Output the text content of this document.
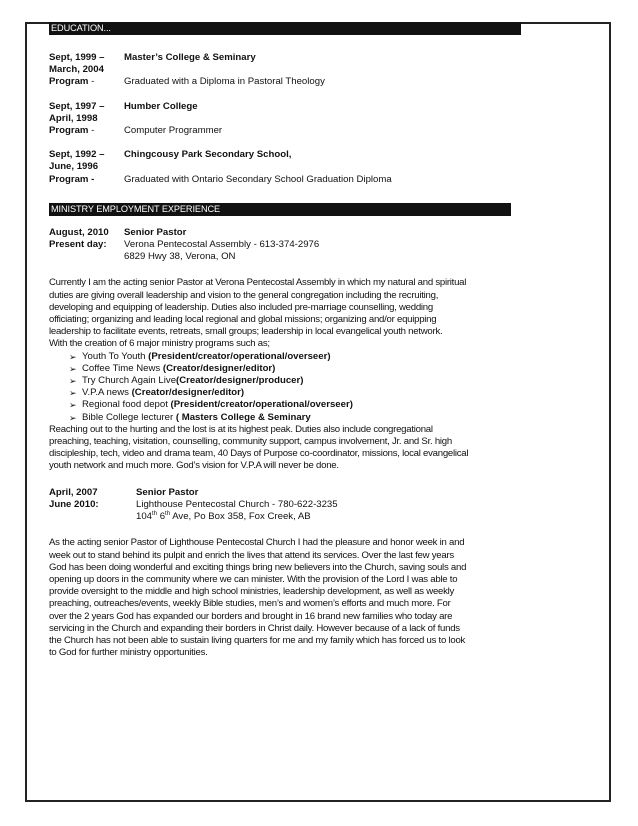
EDUCATION...
Sept, 1999 –	Master’s College & Seminary
March, 2004
Program -	Graduated with a Diploma in Pastoral Theology
Sept, 1997 –	Humber College
April, 1998
Program -	Computer Programmer
Sept, 1992 –	Chingcousy Park Secondary School,
June, 1996
Program -	Graduated with Ontario Secondary School Graduation Diploma
MINISTRY EMPLOYMENT EXPERIENCE
August, 2010	Senior Pastor
Present day:	Verona Pentecostal Assembly - 613-374-2976
6829 Hwy 38, Verona, ON
Currently I am the acting senior Pastor at Verona Pentecostal Assembly in which my natural and spiritual
duties are giving overall leadership and vision to the general congregation including the recruiting,
developing and equipping of leadership. Duties also included pre-marriage counselling, wedding
officiating; organizing and leading local regional and global missions; organizing and/or equipping
leadership to facilitate events, retreats, small groups; leadership in local evangelical youth network.
With the creation of 6 major ministry programs such as;
➢ Youth To Youth (President/creator/operational/overseer)
➢ Coffee Time News (Creator/designer/editor)
➢ Try Church Again Live(Creator/designer/producer)
➢ V.P.A news (Creator/designer/editor)
➢ Regional food depot (President/creator/operational/overseer)
➢ Bible College lecturer ( Masters College & Seminary
Reaching out to the hurting and the lost is at its highest peak. Duties also include congregational
preaching, teaching, visitation, counselling, community support, campus involvement, Jr. and Sr. high
discipleship, tech, video and drama team, 40 Days of Purpose co-coordinator, missions, local evangelical
youth network and much more. God’s vision for V.P.A will never be done.
April, 2007	Senior Pastor
June 2010:	Lighthouse Pentecostal Church - 780-622-3235
104th 6th Ave, Po Box 358, Fox Creek, AB
As the acting senior Pastor of Lighthouse Pentecostal Church I had the pleasure and honor week in and
week out to stand behind its pulpit and enrich the lives that attend its services. Over the last few years
God has been doing wonderful and exciting things bring new believers into the Church, saving souls and
opening up doors in the community where we can minister. With the provision of the Lord I was able to
provide oversight to the middle and high school ministries, leadership development, as well as weekly
preaching, outreaches/events, weekly Bible studies, men’s and women’s efforts and much more. For
over the 2 years God has expanded our borders and brought in 16 brand new families who today are
servicing in the Church and expanding their borders in Christ daily. However because of a lack of funds
the Church has not been able to sustain living quarters for me and my family which has forced us to look
to God for further ministry opportunities.
